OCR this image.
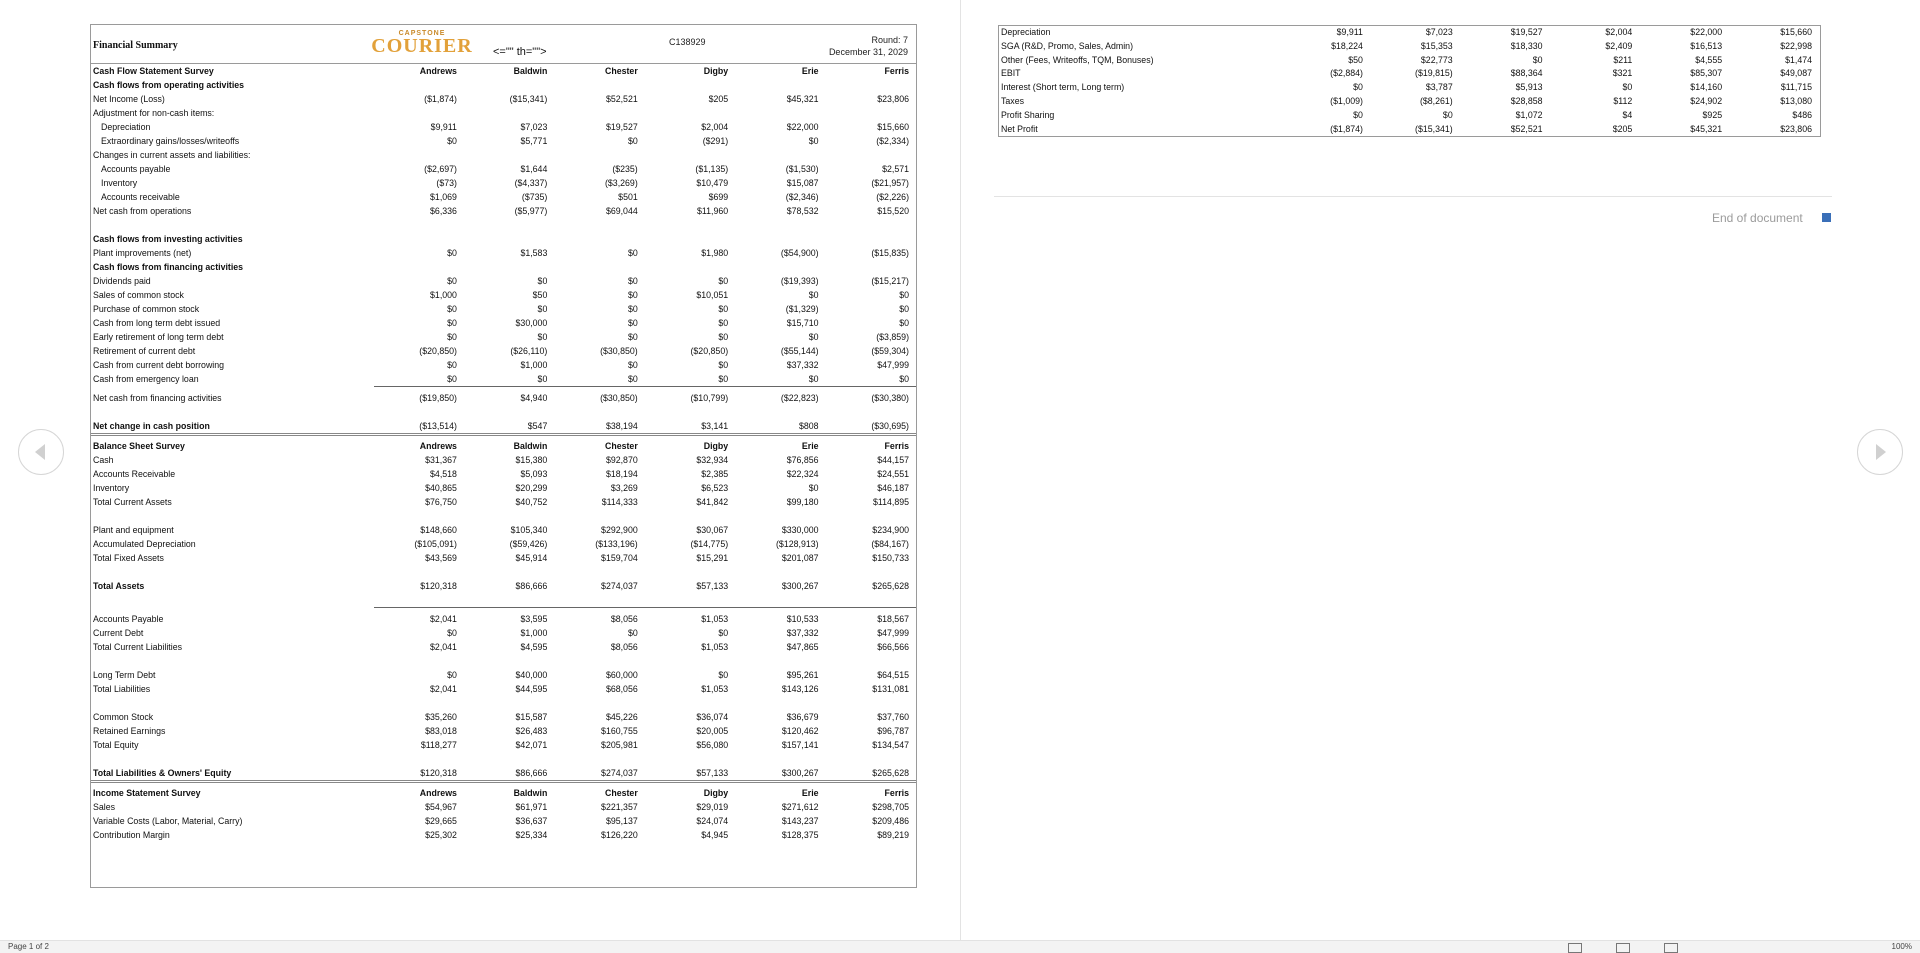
Financial Summary
CAPSTONE
COURIER <="" th="">
C138929	Round: 7
December 31, 2029
Cash Flow Statement Survey	Andrews	Baldwin	Chester	Digby	Erie	Ferris
Cash flows from operating activities						
Net Income (Loss)	($1,874)	($15,341)	$52,521	$205	$45,321	$23,806
Adjustment for non-cash items:						
Depreciation	$9,911	$7,023	$19,527	$2,004	$22,000	$15,660
Extraordinary gains/losses/writeoffs	$0	$5,771	$0	($291)	$0	($2,334)
Changes in current assets and liabilities:						
Accounts payable	($2,697)	$1,644	($235)	($1,135)	($1,530)	$2,571
Inventory	($73)	($4,337)	($3,269)	$10,479	$15,087	($21,957)
Accounts receivable	$1,069	($735)	$501	$699	($2,346)	($2,226)
Net cash from operations	$6,336	($5,977)	$69,044	$11,960	$78,532	$15,520

Cash flows from investing activities						
Plant improvements (net)	$0	$1,583	$0	$1,980	($54,900)	($15,835)
Cash flows from financing activities						
Dividends paid	$0	$0	$0	$0	($19,393)	($15,217)
Sales of common stock	$1,000	$50	$0	$10,051	$0	$0
Purchase of common stock	$0	$0	$0	$0	($1,329)	$0
Cash from long term debt issued	$0	$30,000	$0	$0	$15,710	$0
Early retirement of long term debt	$0	$0	$0	$0	$0	($3,859)
Retirement of current debt	($20,850)	($26,110)	($30,850)	($20,850)	($55,144)	($59,304)
Cash from current debt borrowing	$0	$1,000	$0	$0	$37,332	$47,999
Cash from emergency loan	$0	$0	$0	$0	$0	$0

Net cash from financing activities	($19,850)	$4,940	($30,850)	($10,799)	($22,823)	($30,380)

Net change in cash position	($13,514)	$547	$38,194	$3,141	$808	($30,695)

Balance Sheet Survey	Andrews	Baldwin	Chester	Digby	Erie	Ferris
Cash	$31,367	$15,380	$92,870	$32,934	$76,856	$44,157
Accounts Receivable	$4,518	$5,093	$18,194	$2,385	$22,324	$24,551
Inventory	$40,865	$20,299	$3,269	$6,523	$0	$46,187
Total Current Assets	$76,750	$40,752	$114,333	$41,842	$99,180	$114,895

Plant and equipment	$148,660	$105,340	$292,900	$30,067	$330,000	$234,900
Accumulated Depreciation	($105,091)	($59,426)	($133,196)	($14,775)	($128,913)	($84,167)
Total Fixed Assets	$43,569	$45,914	$159,704	$15,291	$201,087	$150,733

Total Assets	$120,318	$86,666	$274,037	$57,133	$300,267	$265,628

Accounts Payable	$2,041	$3,595	$8,056	$1,053	$10,533	$18,567
Current Debt	$0	$1,000	$0	$0	$37,332	$47,999
Total Current Liabilities	$2,041	$4,595	$8,056	$1,053	$47,865	$66,566

Long Term Debt	$0	$40,000	$60,000	$0	$95,261	$64,515
Total Liabilities	$2,041	$44,595	$68,056	$1,053	$143,126	$131,081

Common Stock	$35,260	$15,587	$45,226	$36,074	$36,679	$37,760
Retained Earnings	$83,018	$26,483	$160,755	$20,005	$120,462	$96,787
Total Equity	$118,277	$42,071	$205,981	$56,080	$157,141	$134,547

Total Liabilities & Owners' Equity	$120,318	$86,666	$274,037	$57,133	$300,267	$265,628

Income Statement Survey	Andrews	Baldwin	Chester	Digby	Erie	Ferris
Sales	$54,967	$61,971	$221,357	$29,019	$271,612	$298,705
Variable Costs (Labor, Material, Carry)	$29,665	$36,637	$95,137	$24,074	$143,237	$209,486
Contribution Margin	$25,302	$25,334	$126,220	$4,945	$128,375	$89,219
Depreciation	$9,911	$7,023	$19,527	$2,004	$22,000	$15,660
SGA (R&D, Promo, Sales, Admin)	$18,224	$15,353	$18,330	$2,409	$16,513	$22,998
Other (Fees, Writeoffs, TQM, Bonuses)	$50	$22,773	$0	$211	$4,555	$1,474
EBIT	($2,884)	($19,815)	$88,364	$321	$85,307	$49,087
Interest (Short term, Long term)	$0	$3,787	$5,913	$0	$14,160	$11,715
Taxes	($1,009)	($8,261)	$28,858	$112	$24,902	$13,080
Profit Sharing	$0	$0	$1,072	$4	$925	$486
Net Profit	($1,874)	($15,341)	$52,521	$205	$45,321	$23,806
End of document
Page 1 of 2	100%
